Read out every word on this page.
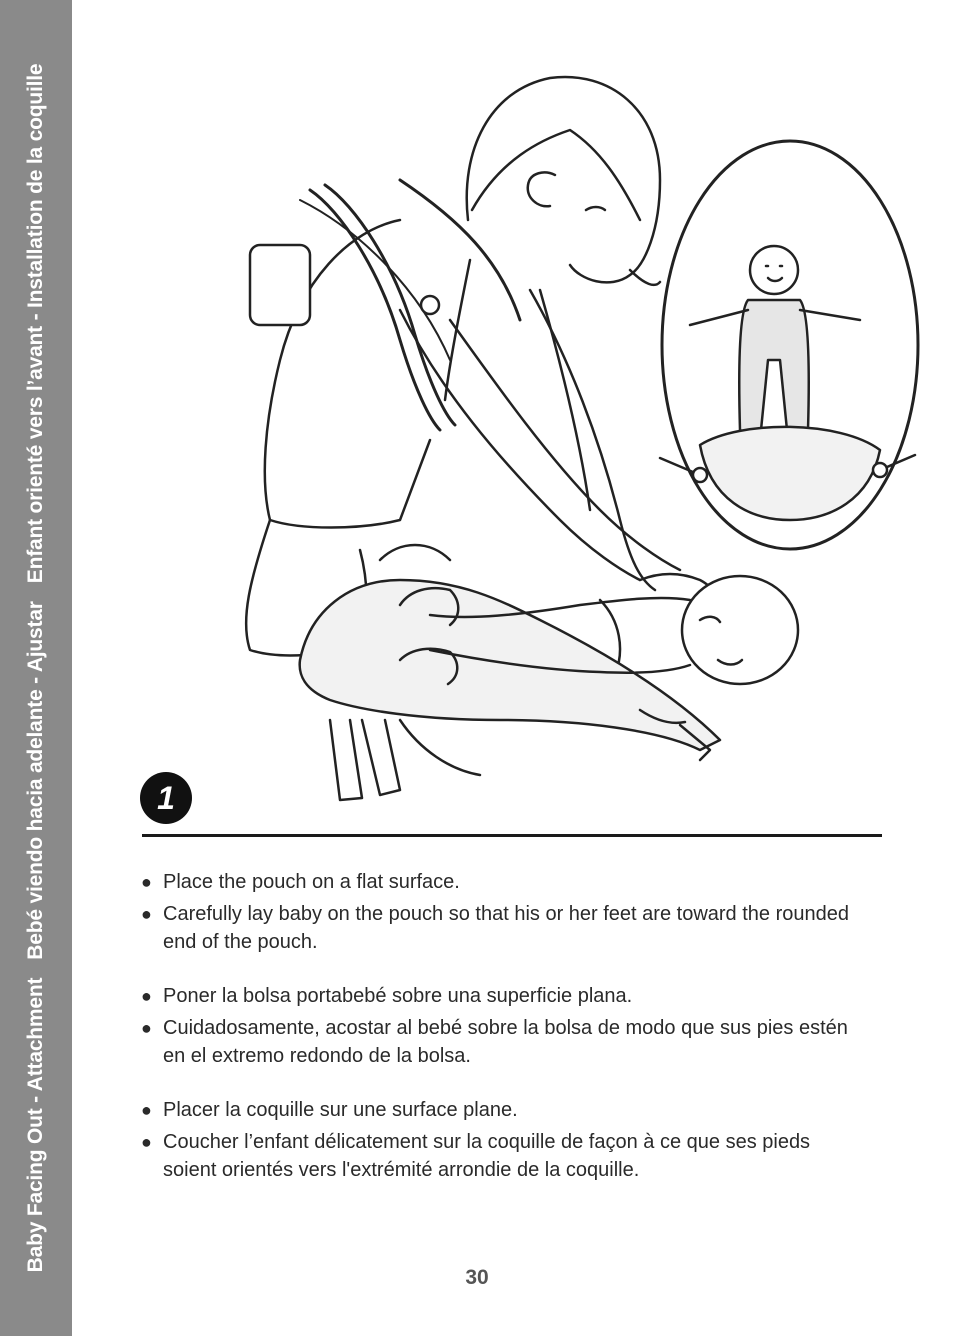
Baby Facing Out - AttachmentBebé viendo hacia adelante - AjustarEnfant orienté vers l’avant - Installation de la coquille
1
● Place the pouch on a flat surface.
● Carefully lay baby on the pouch so that his or her feet are toward the rounded end of the pouch.
● Poner la bolsa portabebé sobre una superficie plana.
● Cuidadosamente, acostar al bebé sobre la bolsa de modo que sus pies estén en el extremo redondo de la bolsa.
● Placer la coquille sur une surface plane.
● Coucher l’enfant délicatement sur la coquille de façon à ce que ses pieds soient orientés vers l'extrémité arrondie de la coquille.
30
